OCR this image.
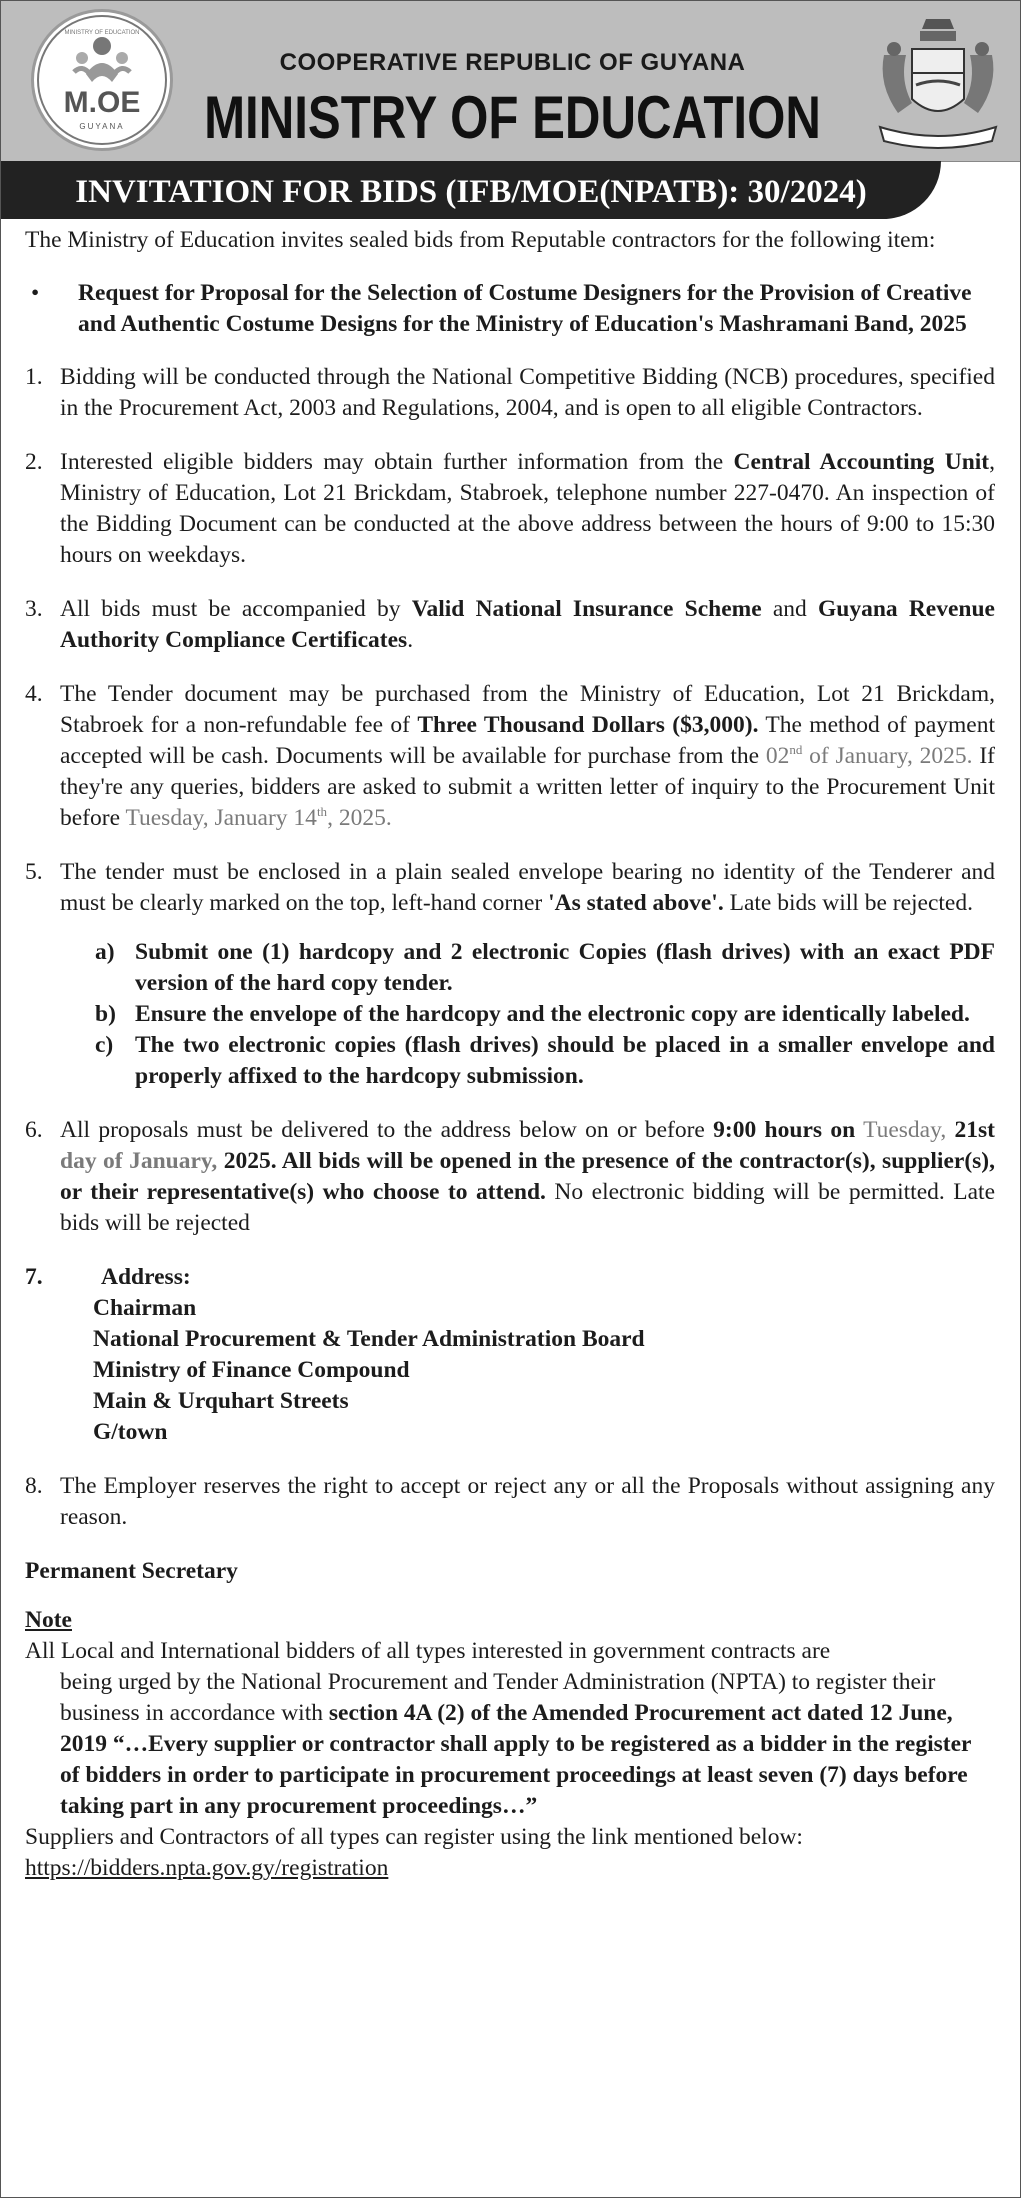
M.OE
GUYANA
MINISTRY OF EDUCATION
COOPERATIVE REPUBLIC OF GUYANA
MINISTRY OF EDUCATION
INVITATION FOR BIDS (IFB/MOE(NPATB): 30/2024)

The Ministry of Education invites sealed bids from Reputable contractors for the following item:

• Request for Proposal for the Selection of Costume Designers for the Provision of Creative and Authentic Costume Designs for the Ministry of Education's Mashramani Band, 2025
1. Bidding will be conducted through the National Competitive Bidding (NCB) procedures, specified in the Procurement Act, 2003 and Regulations, 2004, and is open to all eligible Contractors.
2. Interested eligible bidders may obtain further information from the Central Accounting Unit, Ministry of Education, Lot 21 Brickdam, Stabroek, telephone number 227-0470. An inspection of the Bidding Document can be conducted at the above address between the hours of 9:00 to 15:30 hours on weekdays.
3. All bids must be accompanied by Valid National Insurance Scheme and Guyana Revenue Authority Compliance Certificates.
4. The Tender document may be purchased from the Ministry of Education, Lot 21 Brickdam, Stabroek for a non-refundable fee of Three Thousand Dollars ($3,000). The method of payment accepted will be cash. Documents will be available for purchase from the 02nd of January, 2025. If they're any queries, bidders are asked to submit a written letter of inquiry to the Procurement Unit before Tuesday, January 14th, 2025.
5. The tender must be enclosed in a plain sealed envelope bearing no identity of the Tenderer and must be clearly marked on the top, left-hand corner 'As stated above'. Late bids will be rejected.
a) Submit one (1) hardcopy and 2 electronic Copies (flash drives) with an exact PDF version of the hard copy tender.
b) Ensure the envelope of the hardcopy and the electronic copy are identically labeled.
c) The two electronic copies (flash drives) should be placed in a smaller envelope and properly affixed to the hardcopy submission.
6. All proposals must be delivered to the address below on or before 9:00 hours on Tuesday, 21st day of January, 2025. All bids will be opened in the presence of the contractor(s), supplier(s), or their representative(s) who choose to attend. No electronic bidding will be permitted. Late bids will be rejected
7. Address:
Chairman
National Procurement & Tender Administration Board
Ministry of Finance Compound
Main & Urquhart Streets
G/town
8. The Employer reserves the right to accept or reject any or all the Proposals without assigning any reason.

Permanent Secretary

Note
All Local and International bidders of all types interested in government contracts are
being urged by the National Procurement and Tender Administration (NPTA) to register their business in accordance with section 4A (2) of the Amended Procurement act dated 12 June, 2019 “…Every supplier or contractor shall apply to be registered as a bidder in the register of bidders in order to participate in procurement proceedings at least seven (7) days before taking part in any procurement proceedings…”
Suppliers and Contractors of all types can register using the link mentioned below:
https://bidders.npta.gov.gy/registration
